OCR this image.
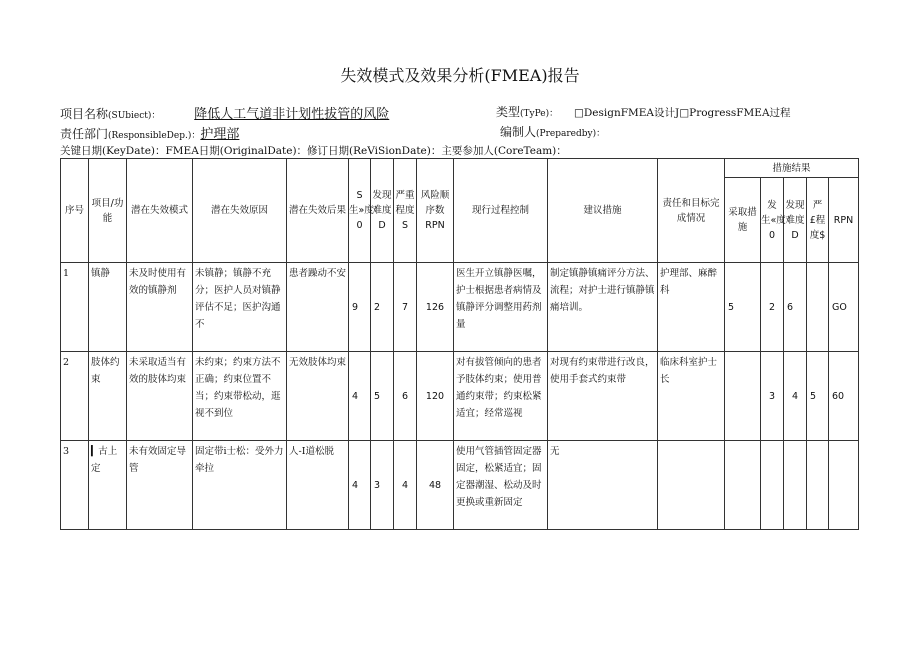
失效模式及效果分析(FMEA)报告
项目名称(SUbiect)：	降低人工气道非计划性拔管的风险	类型(TyPe)： □DesignFMEA设计J□ProgressFMEA过程
责任部门(ResponsibleDep.)：护理部	编制人(Preparedby)：
关键日期(KeyDate)：FMEA日期(OriginalDate)：修订日期(ReViSionDate)：主要参加人(CoreTeam)：
序号	项目/功能	潜在失效模式	潜在失效原因	潜在失效后果	S生»度0	发现难度D	严重程度S	风险顺序数RPN	现行过程控制	建议措施	责任和目标完成情况	措施结果				
												采取措施	发生«度0	发现难度D	严£程度$	RPN
1	镇静	未及时使用有效的镇静剂	未镇静；镇静不充分；医护人员对镇静评估不足；医护沟通不	患者躁动不安	9	2	7	126	医生开立镇静医嘱，护士根据患者病情及镇静评分调整用药剂量	制定镇静镇痛评分方法、流程；对护士进行镇静镇痛培训。	护理部、麻醉科	5	2	6		GO
2	肢体约束	未采取适当有效的肢体均束	未约束；约束方法不正确；约束位置不当；约束带松动，逛视不到位	无效肢体均束	4	5	6	120	对有拔管倾向的患者予肢体约束；使用普通约束带；约束松紧适宜；经常巡视	对现有约束带进行改良，使用手套式约束带	临床科室护士长		3	4	5	60
3	▎古上定	未有效固定导管	固定带i士松：受外力牵拉	人-I道松脱	4	3	4	48	使用气管插管固定器固定，松紧适宜；固定器潮湿、松动及时更换或重新固定	无						
